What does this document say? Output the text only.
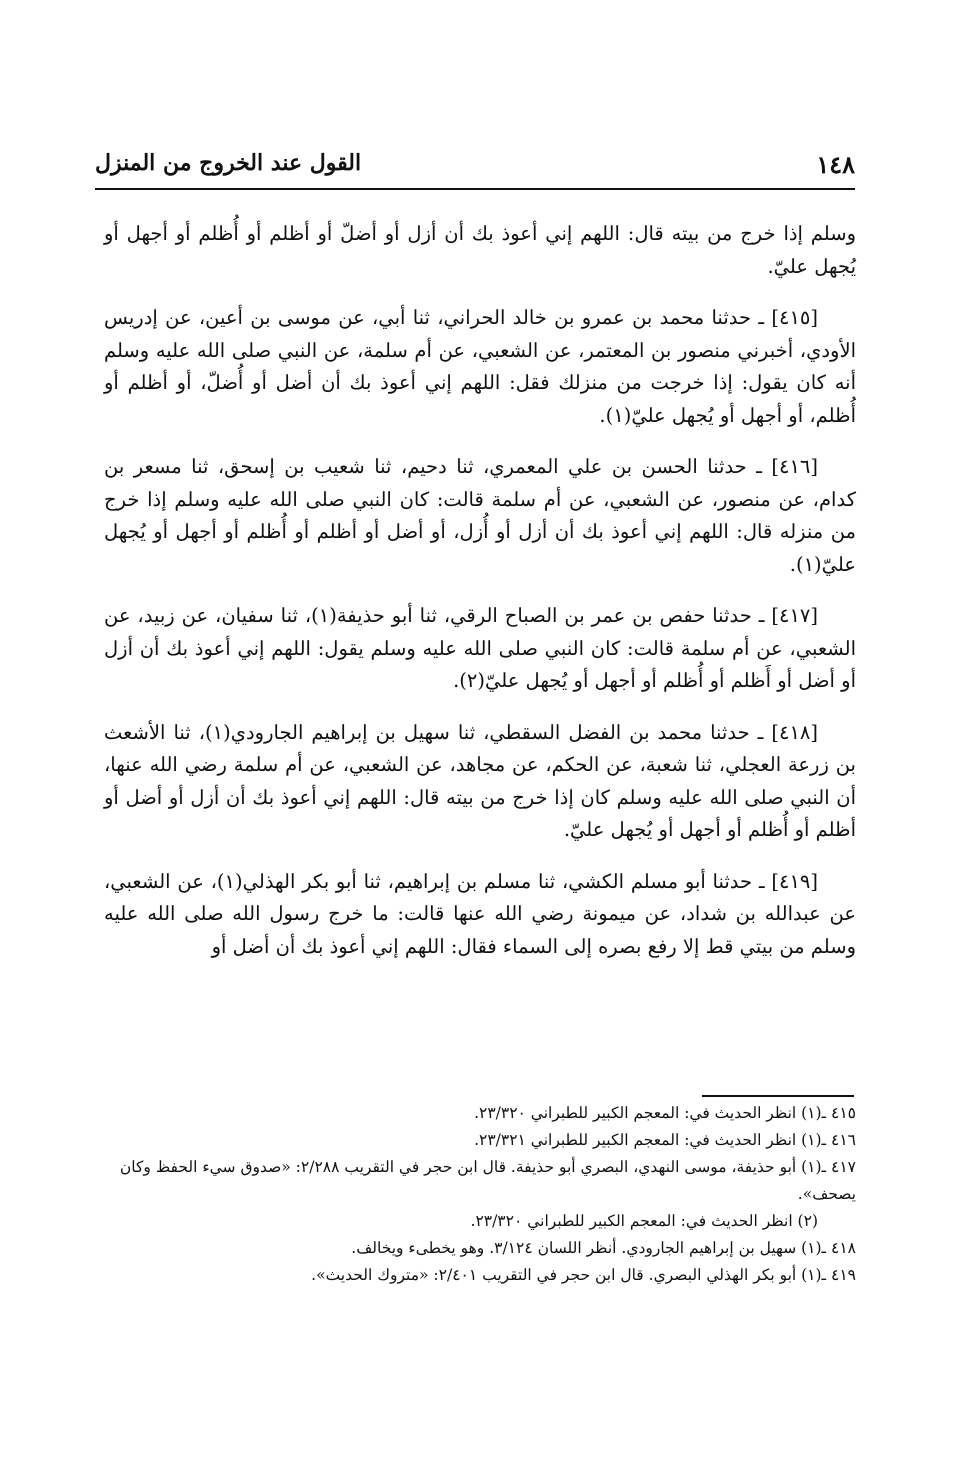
١٤٨
القول عند الخروج من المنزل

وسلم إذا خرج من بيته قال: اللهم إني أعوذ بك أن أزل أو أضلّ أو أظلم أو أُظلم أو أجهل أو يُجهل عليّ.

[٤١٥] ـ حدثنا محمد بن عمرو بن خالد الحراني، ثنا أبي، عن موسى بن أعين، عن إدريس الأودي، أخبرني منصور بن المعتمر، عن الشعبي، عن أم سلمة، عن النبي صلى الله عليه وسلم أنه كان يقول: إذا خرجت من منزلك فقل: اللهم إني أعوذ بك أن أضل أو أُضلّ، أو أظلم أو أُظلم، أو أجهل أو يُجهل عليّ(١).

[٤١٦] ـ حدثنا الحسن بن علي المعمري، ثنا دحيم، ثنا شعيب بن إسحق، ثنا مسعر بن كدام، عن منصور، عن الشعبي، عن أم سلمة قالت: كان النبي صلى الله عليه وسلم إذا خرج من منزله قال: اللهم إني أعوذ بك أن أزل أو أُزل، أو أضل أو أظلم أو أُظلم أو أجهل أو يُجهل عليّ(١).

[٤١٧] ـ حدثنا حفص بن عمر بن الصباح الرقي، ثنا أبو حذيفة(١)، ثنا سفيان، عن زبيد، عن الشعبي، عن أم سلمة قالت: كان النبي صلى الله عليه وسلم يقول: اللهم إني أعوذ بك أن أزل أو أضل أو أَظلم أو أُظلم أو أجهل أو يُجهل عليّ(٢).

[٤١٨] ـ حدثنا محمد بن الفضل السقطي، ثنا سهيل بن إبراهيم الجارودي(١)، ثنا الأشعث بن زرعة العجلي، ثنا شعبة، عن الحكم، عن مجاهد، عن الشعبي، عن أم سلمة رضي الله عنها، أن النبي صلى الله عليه وسلم كان إذا خرج من بيته قال: اللهم إني أعوذ بك أن أزل أو أضل أو أظلم أو أُظلم أو أجهل أو يُجهل عليّ.

[٤١٩] ـ حدثنا أبو مسلم الكشي، ثنا مسلم بن إبراهيم، ثنا أبو بكر الهذلي(١)، عن الشعبي، عن عبدالله بن شداد، عن ميمونة رضي الله عنها قالت: ما خرج رسول الله صلى الله عليه وسلم من بيتي قط إلا رفع بصره إلى السماء فقال: اللهم إني أعوذ بك أن أضل أو

٤١٥ ـ(١) انظر الحديث في: المعجم الكبير للطبراني ٢٣/٣٢٠.

٤١٦ ـ(١) انظر الحديث في: المعجم الكبير للطبراني ٢٣/٣٢١.

٤١٧ ـ(١) أبو حذيفة، موسى النهدي، البصري أبو حذيفة. قال ابن حجر في التقريب ٢/٢٨٨: «صدوق سيء الحفظ وكان يصحف».

(٢) انظر الحديث في: المعجم الكبير للطبراني ٢٣/٣٢٠.

٤١٨ ـ(١) سهيل بن إبراهيم الجارودي. أنظر اللسان ٣/١٢٤. وهو يخطىء ويخالف.

٤١٩ ـ(١) أبو بكر الهذلي البصري. قال ابن حجر في التقريب ٢/٤٠١: «متروك الحديث».
